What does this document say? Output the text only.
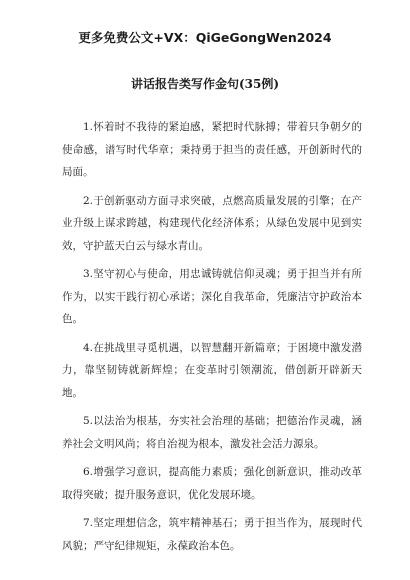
更多免费公文+VX：QiGeGongWen2024
讲话报告类写作金句(35例)

1.怀着时不我待的紧迫感，紧把时代脉搏；带着只争朝夕的使命感，谱写时代华章；秉持勇于担当的责任感，开创新时代的局面。

2.于创新驱动方面寻求突破，点燃高质量发展的引擎；在产业升级上谋求跨越，构建现代化经济体系；从绿色发展中见到实效，守护蓝天白云与绿水青山。

3.坚守初心与使命，用忠诚铸就信仰灵魂；勇于担当并有所作为，以实干践行初心承诺；深化自我革命，凭廉洁守护政治本色。

4.在挑战里寻觅机遇，以智慧翻开新篇章；于困境中激发潜力，靠坚韧铸就新辉煌；在变革时引领潮流，借创新开辟新天地。

5.以法治为根基，夯实社会治理的基础；把德治作灵魂，涵养社会文明风尚；将自治视为根本，激发社会活力源泉。

6.增强学习意识，提高能力素质；强化创新意识，推动改革取得突破；提升服务意识，优化发展环境。

7.坚定理想信念，筑牢精神基石；勇于担当作为，展现时代风貌；严守纪律规矩，永葆政治本色。
